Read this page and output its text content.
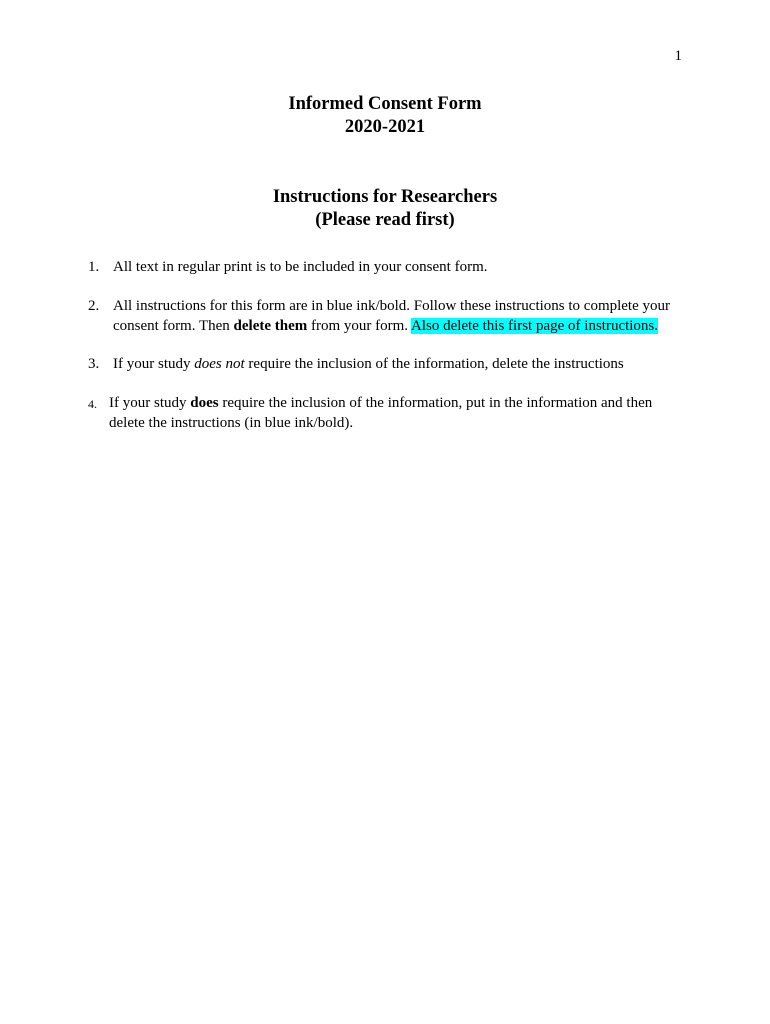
1
Informed Consent Form
2020-2021
Instructions for Researchers
(Please read first)
1. All text in regular print is to be included in your consent form.
2. All instructions for this form are in blue ink/bold. Follow these instructions to complete your
consent form. Then delete them from your form. Also delete this first page of instructions.
3. If your study does not require the inclusion of the information, delete the instructions
4. If your study does require the inclusion of the information, put in the information and then
delete the instructions (in blue ink/bold).
